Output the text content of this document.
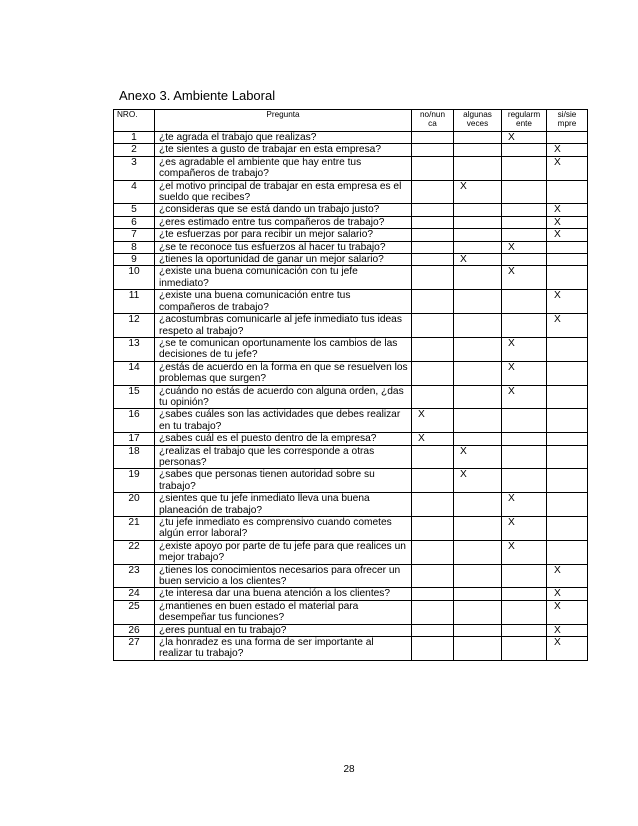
Anexo 3. Ambiente Laboral
NRO.	Pregunta	no/nun ca	algunas veces	regularm ente	si/sie mpre
1	¿te agrada el trabajo que realizas?			X	
2	¿te sientes a gusto de trabajar en esta empresa?				X
3	¿es agradable el ambiente que hay entre tus compañeros de trabajo?				X
4	¿el motivo principal de trabajar en esta empresa es el sueldo que recibes?		X		
5	¿consideras que se está dando un trabajo justo?				X
6	¿eres estimado entre tus compañeros de trabajo?				X
7	¿te esfuerzas por para recibir un mejor salario?				X
8	¿se te reconoce tus esfuerzos al hacer tu trabajo?			X	
9	¿tienes la oportunidad de ganar un mejor salario?		X		
10	¿existe una buena comunicación con tu jefe inmediato?			X	
11	¿existe una buena comunicación entre tus compañeros de trabajo?				X
12	¿acostumbras comunicarle al jefe inmediato tus ideas respeto al trabajo?				X
13	¿se te comunican oportunamente los cambios de las decisiones de tu jefe?			X	
14	¿estás de acuerdo en la forma en que se resuelven los problemas que surgen?			X	
15	¿cuándo no estás de acuerdo con alguna orden, ¿das tu opinión?			X	
16	¿sabes cuáles son las actividades que debes realizar en tu trabajo?	X			
17	¿sabes cuál es el puesto dentro de la empresa?	X			
18	¿realizas el trabajo que les corresponde a otras personas?		X		
19	¿sabes que personas tienen autoridad sobre su trabajo?		X		
20	¿sientes que tu jefe inmediato lleva una buena planeación de trabajo?			X	
21	¿tu jefe inmediato es comprensivo cuando cometes algún error laboral?			X	
22	¿existe apoyo por parte de tu jefe para que realices un mejor trabajo?			X	
23	¿tienes los conocimientos necesarios para ofrecer un buen servicio a los clientes?				X
24	¿te interesa dar una buena atención a los clientes?				X
25	¿mantienes en buen estado el material para desempeñar tus funciones?				X
26	¿eres puntual en tu trabajo?				X
27	¿la honradez es una forma de ser importante al realizar tu trabajo?				X
28
